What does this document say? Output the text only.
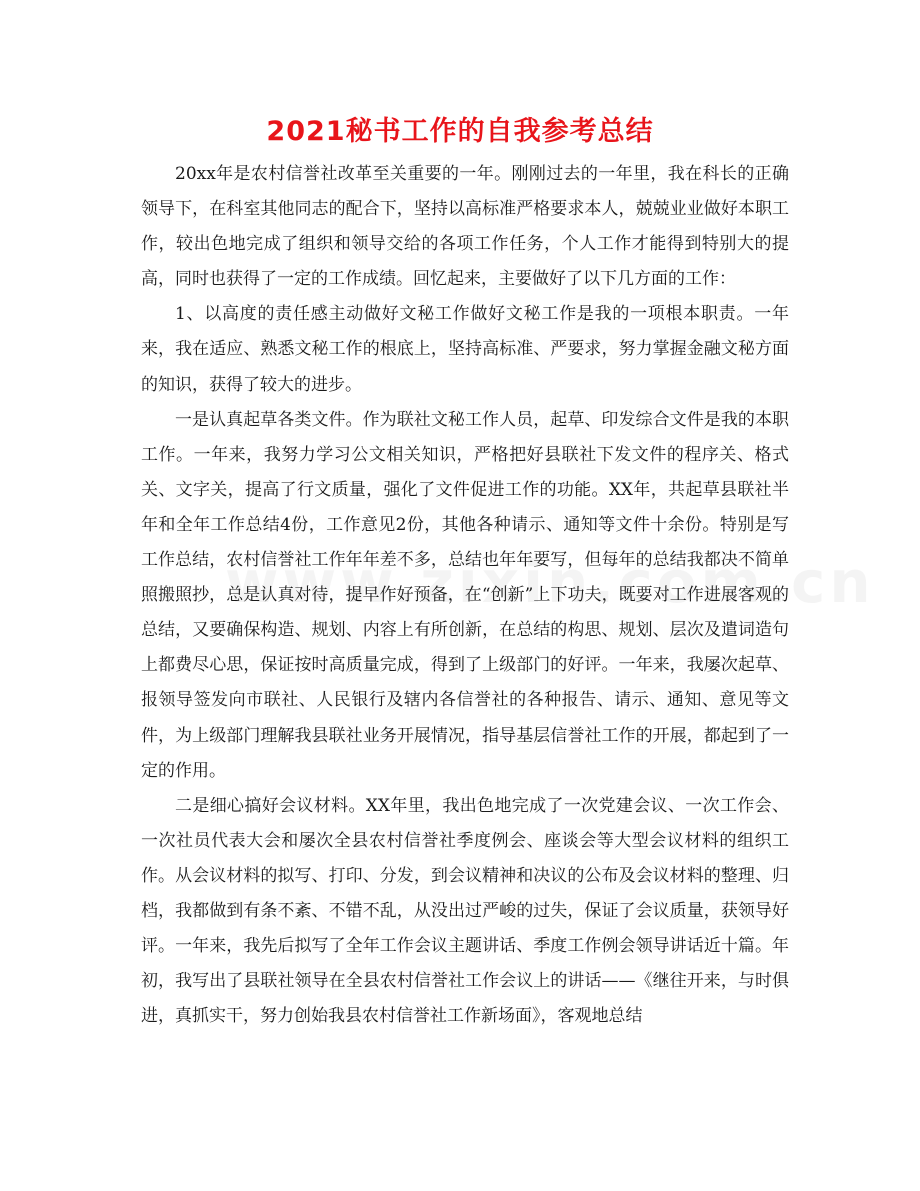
2021秘书工作的自我参考总结

20xx年是农村信誉社改革至关重要的一年。刚刚过去的一年里，我在科长的正确领导下，在科室其他同志的配合下，坚持以高标准严格要求本人，兢兢业业做好本职工作，较出色地完成了组织和领导交给的各项工作任务，个人工作才能得到特别大的提高，同时也获得了一定的工作成绩。回忆起来，主要做好了以下几方面的工作：

1、以高度的责任感主动做好文秘工作做好文秘工作是我的一项根本职责。一年来，我在适应、熟悉文秘工作的根底上，坚持高标准、严要求，努力掌握金融文秘方面的知识，获得了较大的进步。

一是认真起草各类文件。作为联社文秘工作人员，起草、印发综合文件是我的本职工作。一年来，我努力学习公文相关知识，严格把好县联社下发文件的程序关、格式关、文字关，提高了行文质量，强化了文件促进工作的功能。XX年，共起草县联社半年和全年工作总结4份，工作意见2份，其他各种请示、通知等文件十余份。特别是写工作总结，农村信誉社工作年年差不多，总结也年年要写，但每年的总结我都决不简单照搬照抄，总是认真对待，提早作好预备，在“创新”上下功夫，既要对工作进展客观的总结，又要确保构造、规划、内容上有所创新，在总结的构思、规划、层次及遣词造句上都费尽心思，保证按时高质量完成，得到了上级部门的好评。一年来，我屡次起草、报领导签发向市联社、人民银行及辖内各信誉社的各种报告、请示、通知、意见等文件，为上级部门理解我县联社业务开展情况，指导基层信誉社工作的开展，都起到了一定的作用。

二是细心搞好会议材料。XX年里，我出色地完成了一次党建会议、一次工作会、一次社员代表大会和屡次全县农村信誉社季度例会、座谈会等大型会议材料的组织工作。从会议材料的拟写、打印、分发，到会议精神和决议的公布及会议材料的整理、归档，我都做到有条不紊、不错不乱，从没出过严峻的过失，保证了会议质量，获领导好评。一年来，我先后拟写了全年工作会议主题讲话、季度工作例会领导讲话近十篇。年初，我写出了县联社领导在全县农村信誉社工作会议上的讲话——《继往开来，与时俱进，真抓实干，努力创始我县农村信誉社工作新场面》，客观地总结
